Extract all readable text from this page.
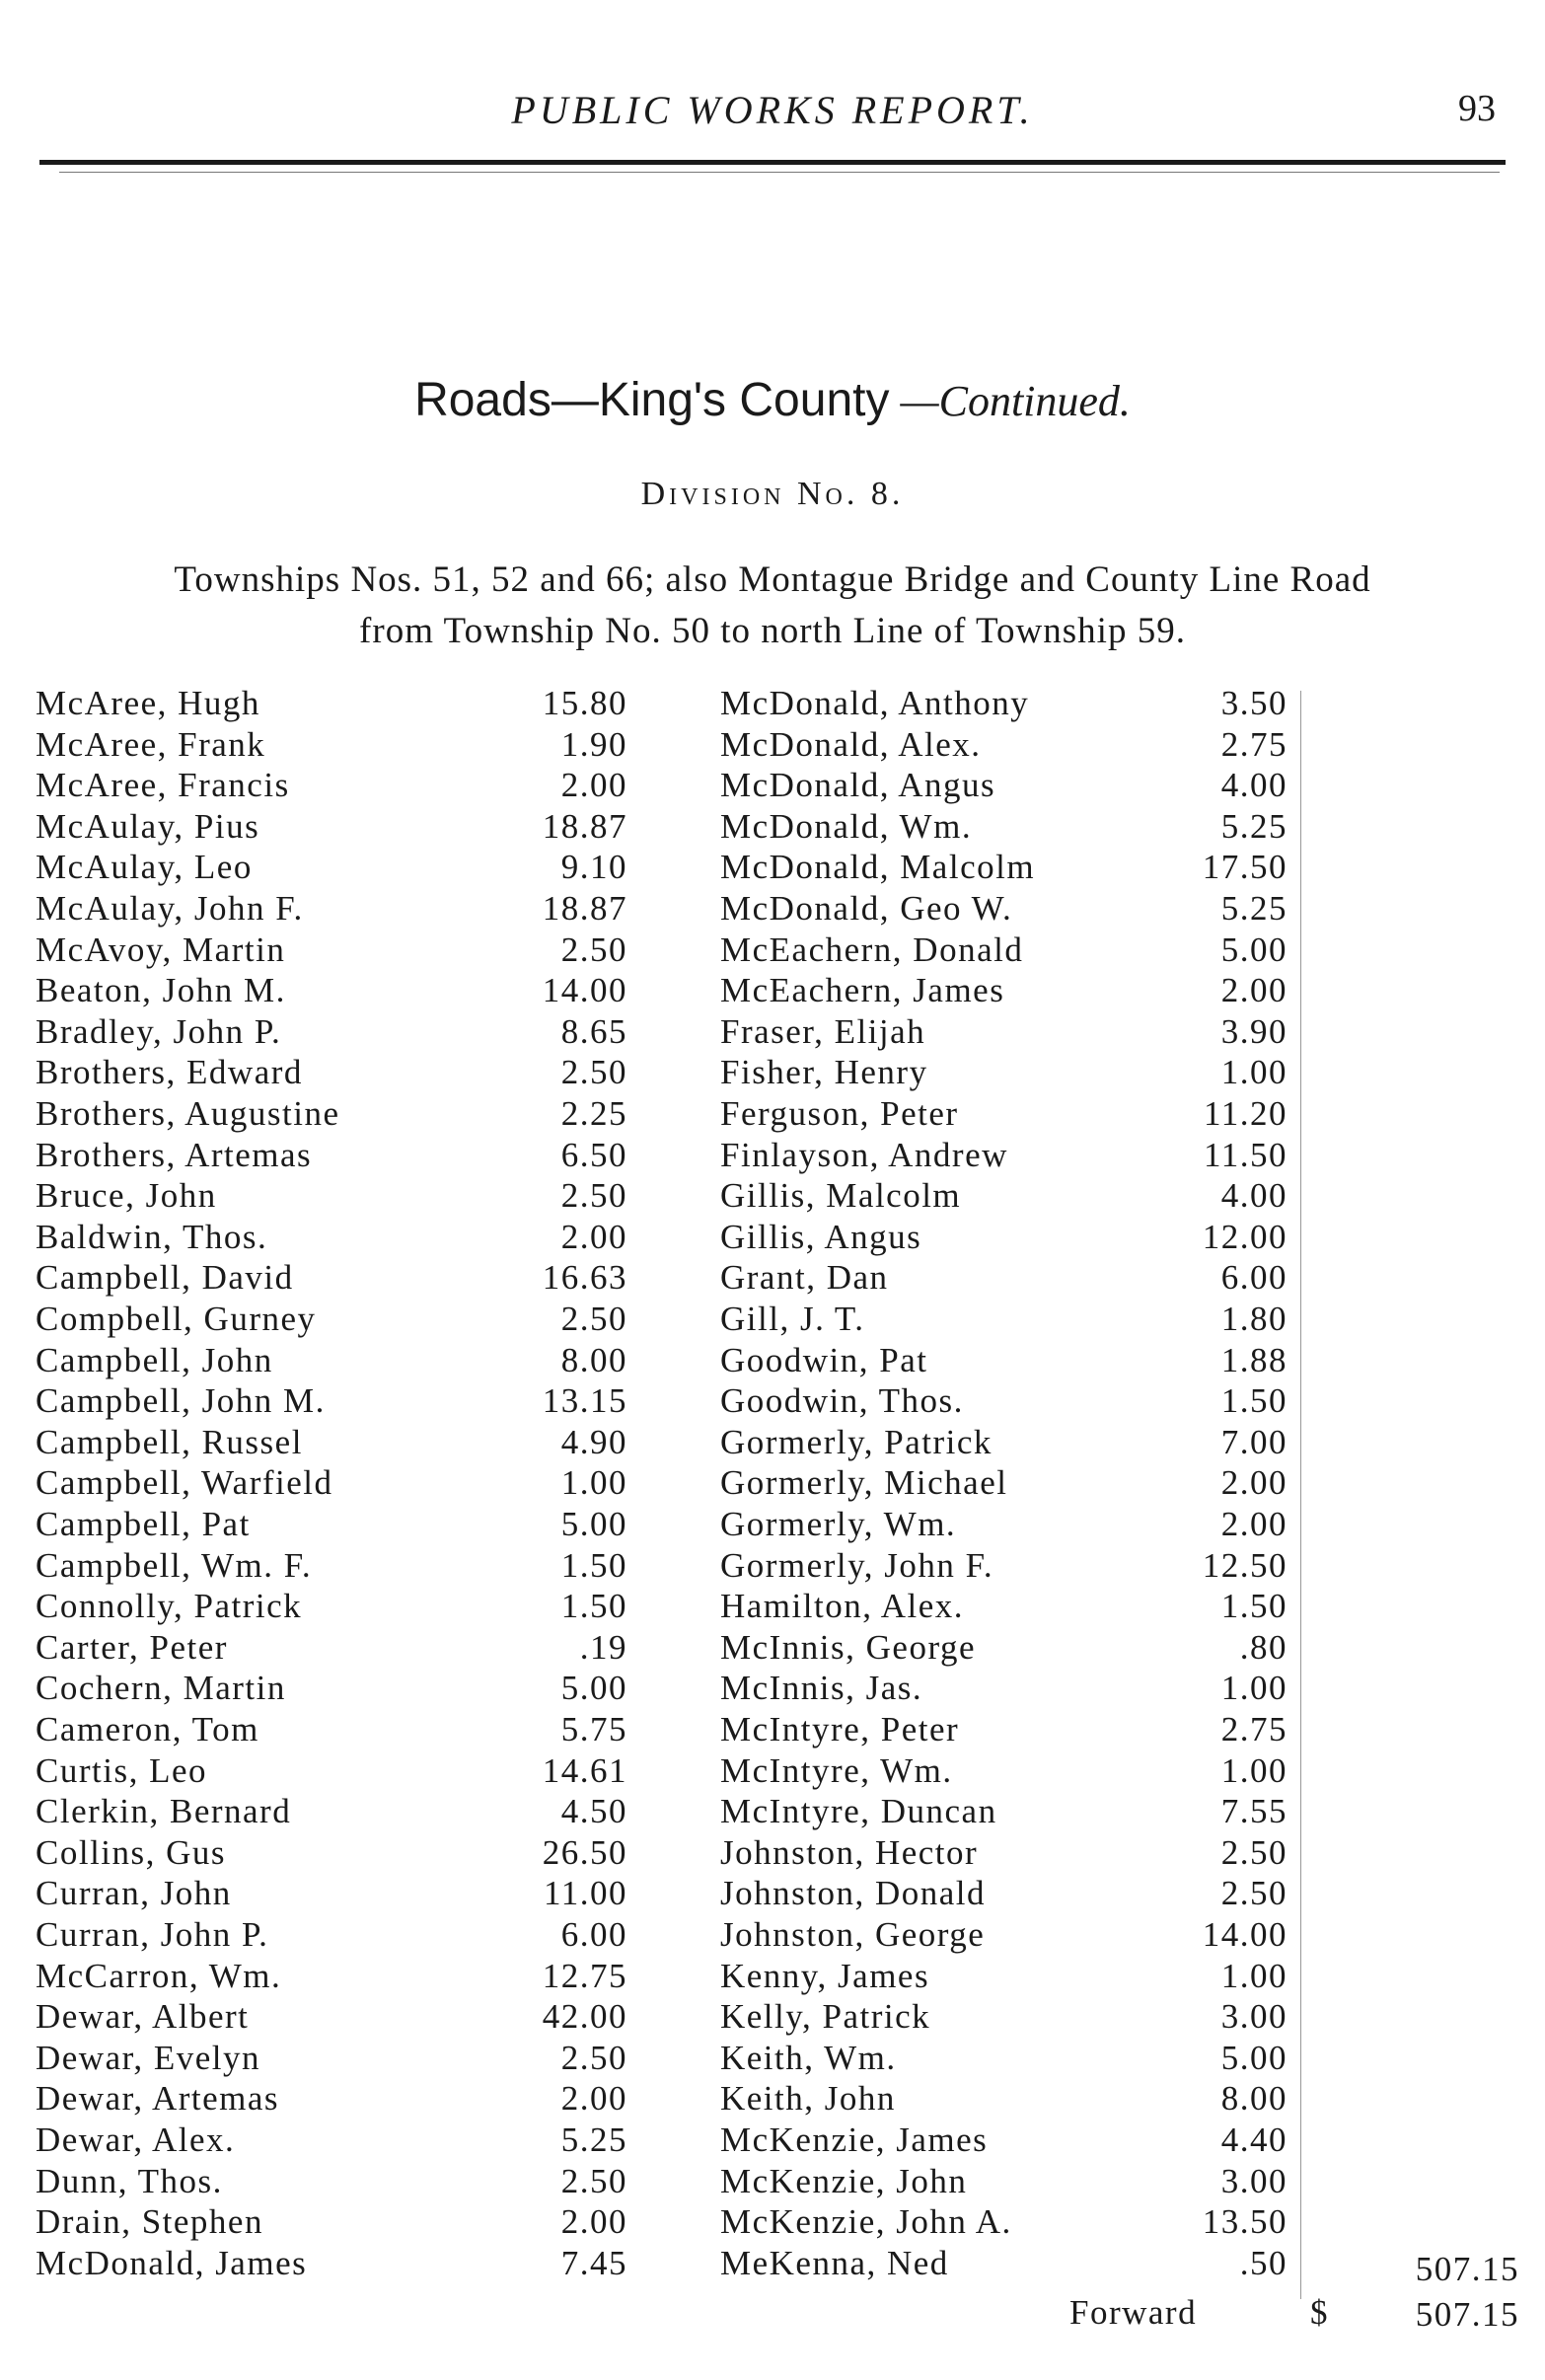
PUBLIC WORKS REPORT.	93
Roads—King's County —Continued.
Division No. 8.
Townships Nos. 51, 52 and 66; also Montague Bridge and County Line Road
from Township No. 50 to north Line of Township 59.
McAree, Hugh	15.80
McAree, Frank	1.90
McAree, Francis	2.00
McAulay, Pius	18.87
McAulay, Leo	9.10
McAulay, John F.	18.87
McAvoy, Martin	2.50
Beaton, John M.	14.00
Bradley, John P.	8.65
Brothers, Edward	2.50
Brothers, Augustine	2.25
Brothers, Artemas	6.50
Bruce, John	2.50
Baldwin, Thos.	2.00
Campbell, David	16.63
Compbell, Gurney	2.50
Campbell, John	8.00
Campbell, John M.	13.15
Campbell, Russel	4.90
Campbell, Warfield	1.00
Campbell, Pat	5.00
Campbell, Wm. F.	1.50
Connolly, Patrick	1.50
Carter, Peter	.19
Cochern, Martin	5.00
Cameron, Tom	5.75
Curtis, Leo	14.61
Clerkin, Bernard	4.50
Collins, Gus	26.50
Curran, John	11.00
Curran, John P.	6.00
McCarron, Wm.	12.75
Dewar, Albert	42.00
Dewar, Evelyn	2.50
Dewar, Artemas	2.00
Dewar, Alex.	5.25
Dunn, Thos.	2.50
Drain, Stephen	2.00
McDonald, James	7.45
McDonald, Anthony	3.50
McDonald, Alex.	2.75
McDonald, Angus	4.00
McDonald, Wm.	5.25
McDonald, Malcolm	17.50
McDonald, Geo W.	5.25
McEachern, Donald	5.00
McEachern, James	2.00
Fraser, Elijah	3.90
Fisher, Henry	1.00
Ferguson, Peter	11.20
Finlayson, Andrew	11.50
Gillis, Malcolm	4.00
Gillis, Angus	12.00
Grant, Dan	6.00
Gill, J. T.	1.80
Goodwin, Pat	1.88
Goodwin, Thos.	1.50
Gormerly, Patrick	7.00
Gormerly, Michael	2.00
Gormerly, Wm.	2.00
Gormerly, John F.	12.50
Hamilton, Alex.	1.50
McInnis, George	.80
McInnis, Jas.	1.00
McIntyre, Peter	2.75
McIntyre, Wm.	1.00
McIntyre, Duncan	7.55
Johnston, Hector	2.50
Johnston, Donald	2.50
Johnston, George	14.00
Kenny, James	1.00
Kelly, Patrick	3.00
Keith, Wm.	5.00
Keith, John	8.00
McKenzie, James	4.40
McKenzie, John	3.00
McKenzie, John A.	13.50
MeKenna, Ned	.50	507.15
Forward	$	507.15
